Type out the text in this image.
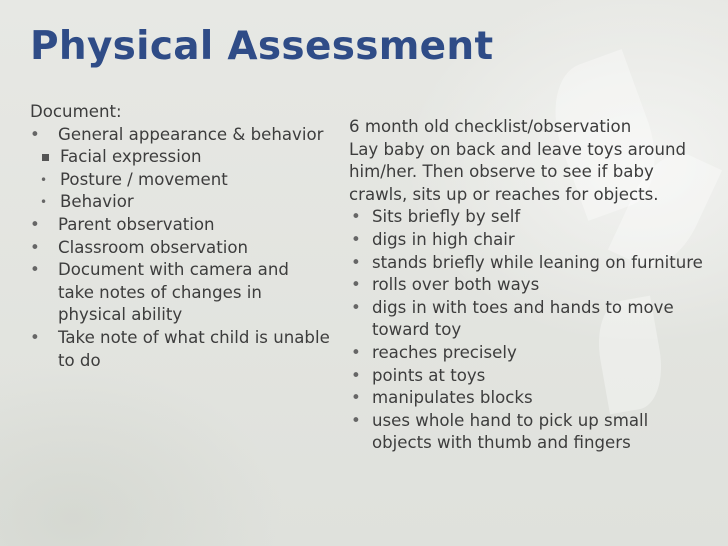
Physical Assessment
Document:
• General appearance & behavior
Facial expression
• Posture / movement
• Behavior
• Parent observation
• Classroom observation
• Document with camera and take notes of changes in physical ability
• Take note of what child is unable to do
6 month old checklist/observation
Lay baby on back and leave toys around him/her. Then observe to see if baby crawls, sits up or reaches for objects.
• Sits briefly by self
• digs in high chair
• stands briefly while leaning on furniture
• rolls over both ways
• digs in with toes and hands to move toward toy
• reaches precisely
• points at toys
• manipulates blocks
• uses whole hand to pick up small objects with thumb and fingers
